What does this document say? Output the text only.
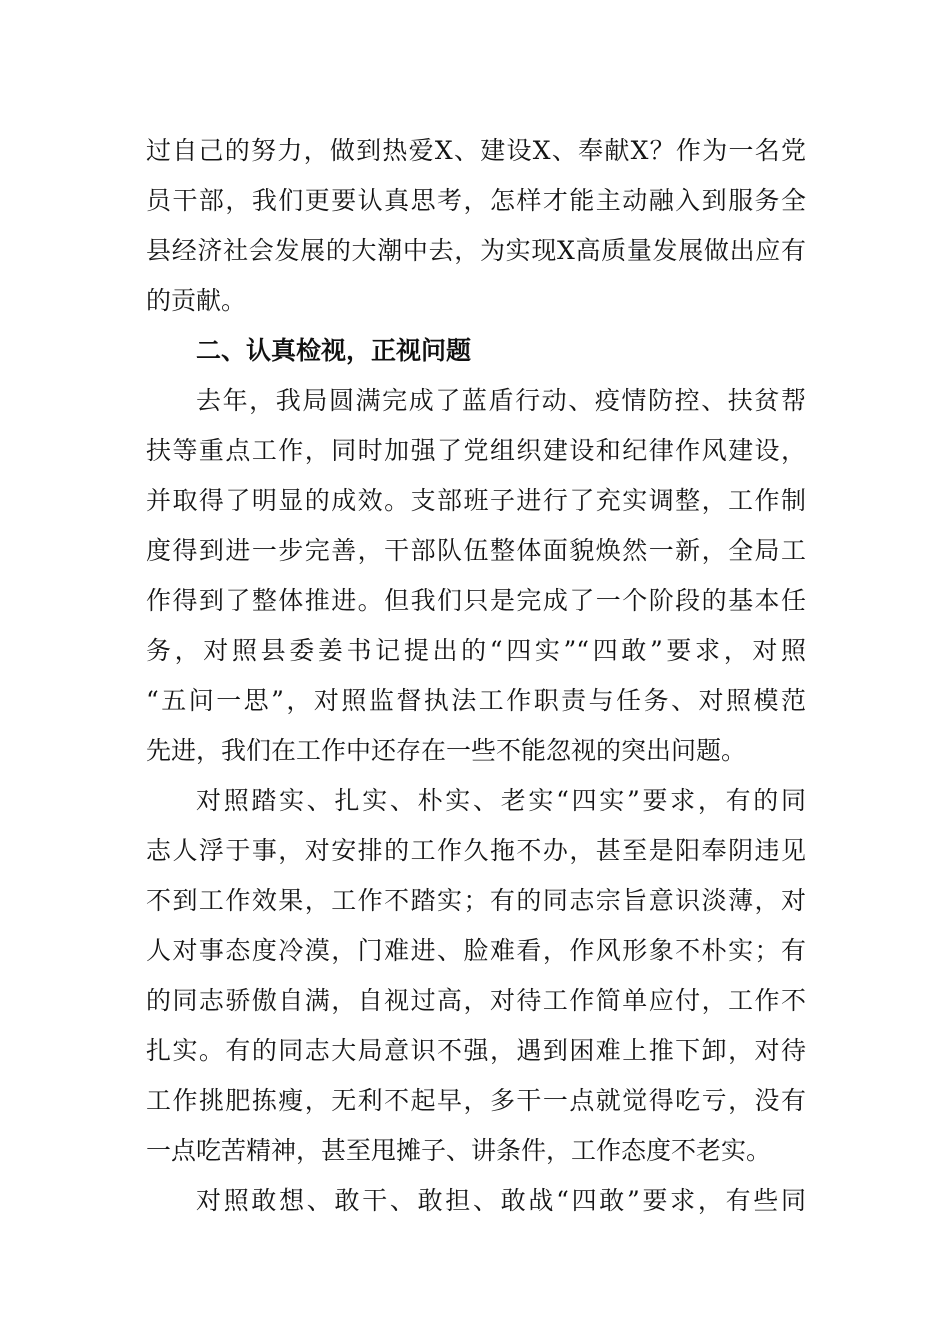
过自己的努力，做到热爱X、建设X、奉献X？作为一名党
员干部，我们更要认真思考，怎样才能主动融入到服务全
县经济社会发展的大潮中去，为实现X高质量发展做出应有
的贡献。
二、认真检视，正视问题
去年，我局圆满完成了蓝盾行动、疫情防控、扶贫帮
扶等重点工作，同时加强了党组织建设和纪律作风建设，
并取得了明显的成效。支部班子进行了充实调整，工作制
度得到进一步完善，干部队伍整体面貌焕然一新，全局工
作得到了整体推进。但我们只是完成了一个阶段的基本任
务，对照县委姜书记提出的“四实”“四敢”要求，对照
“五问一思”，对照监督执法工作职责与任务、对照模范
先进，我们在工作中还存在一些不能忽视的突出问题。
对照踏实、扎实、朴实、老实“四实”要求，有的同
志人浮于事，对安排的工作久拖不办，甚至是阳奉阴违见
不到工作效果，工作不踏实；有的同志宗旨意识淡薄，对
人对事态度冷漠，门难进、脸难看，作风形象不朴实；有
的同志骄傲自满，自视过高，对待工作简单应付，工作不
扎实。有的同志大局意识不强，遇到困难上推下卸，对待
工作挑肥拣瘦，无利不起早，多干一点就觉得吃亏，没有
一点吃苦精神，甚至甩摊子、讲条件，工作态度不老实。
对照敢想、敢干、敢担、敢战“四敢”要求，有些同
